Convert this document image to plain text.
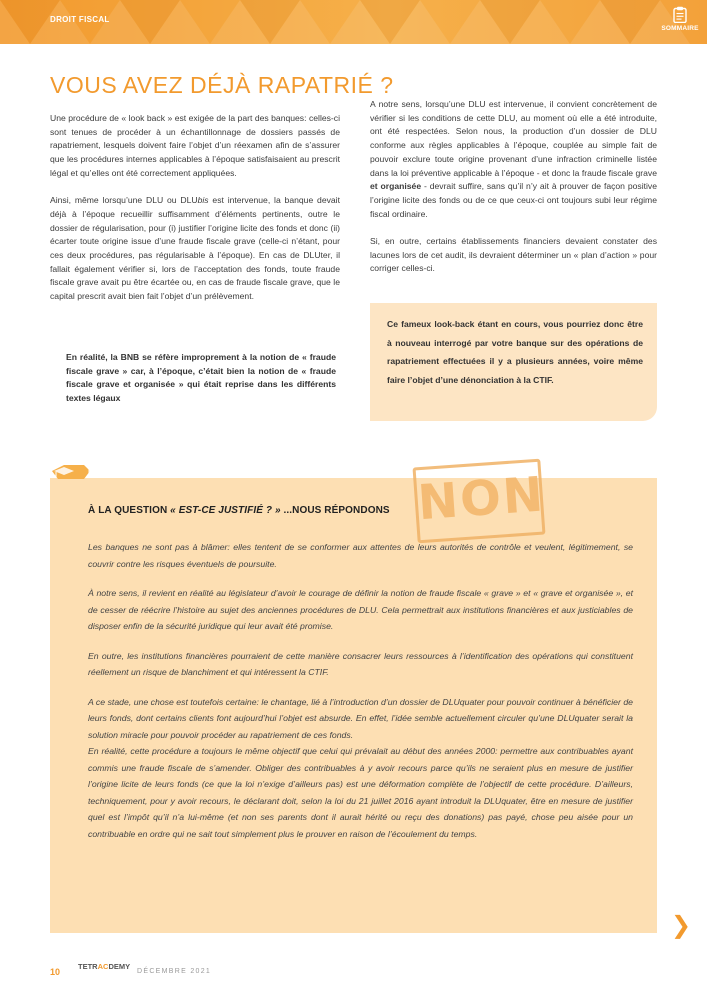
DROIT FISCAL
SOMMAIRE
VOUS AVEZ DÉJÀ RAPATRIÉ ?

Une procédure de « look back » est exigée de la part des banques: celles-ci sont tenues de procéder à un échantillonnage de dossiers passés de rapatriement, lesquels doivent faire l’objet d’un réexamen afin de s’assurer que les procédures internes applicables à l’époque satisfaisaient au prescrit légal et qu’elles ont été correctement appliquées.

Ainsi, même lorsqu’une DLU ou DLUbis est intervenue, la banque devait déjà à l’époque recueillir suffisamment d’éléments pertinents, outre le dossier de régularisation, pour (i) justifier l’origine licite des fonds et donc (ii) écarter toute origine issue d’une fraude fiscale grave (celle-ci n’étant, pour ces deux procédures, pas régularisable à l’époque). En cas de DLUter, il fallait également vérifier si, lors de l’acceptation des fonds, toute fraude fiscale grave avait pu être écartée ou, en cas de fraude fiscale grave, que le capital prescrit avait bien fait l’objet d’un prélèvement.

En réalité, la BNB se réfère improprement à la notion de « fraude fiscale grave » car, à l’époque, c’était bien la notion de « fraude fiscale grave et organisée » qui était reprise dans les différents textes légaux

A notre sens, lorsqu’une DLU est intervenue, il convient concrètement de vérifier si les conditions de cette DLU, au moment où elle a été introduite, ont été respectées. Selon nous, la production d’un dossier de DLU conforme aux règles applicables à l’époque, couplée au simple fait de pouvoir exclure toute origine provenant d’une infraction criminelle listée dans la loi préventive applicable à l’époque - et donc la fraude fiscale grave et organisée - devrait suffire, sans qu’il n’y ait à prouver de façon positive l’origine licite des fonds ou de ce que ceux-ci ont toujours subi leur régime fiscal ordinaire.

Si, en outre, certains établissements financiers devaient constater des lacunes lors de cet audit, ils devraient déterminer un « plan d’action » pour corriger celles-ci.

Ce fameux look-back étant en cours, vous pourriez donc être à nouveau interrogé par votre banque sur des opérations de rapatriement effectuées il y a plusieurs années, voire même faire l’objet d’une dénonciation à la CTIF.
EN CONCLUSION	NON
À LA QUESTION « EST-CE JUSTIFIÉ ? » ...NOUS RÉPONDONS

Les banques ne sont pas à blâmer: elles tentent de se conformer aux attentes de leurs autorités de contrôle et veulent, légitimement, se couvrir contre les risques éventuels de poursuite.

À notre sens, il revient en réalité au législateur d’avoir le courage de définir la notion de fraude fiscale « grave » et « grave et organisée », et de cesser de réécrire l’histoire au sujet des anciennes procédures de DLU. Cela permettrait aux institutions financières et aux justiciables de disposer enfin de la sécurité juridique qui leur avait été promise.

En outre, les institutions financières pourraient de cette manière consacrer leurs ressources à l’identification des opérations qui constituent réellement un risque de blanchiment et qui intéressent la CTIF.

A ce stade, une chose est toutefois certaine: le chantage, lié à l’introduction d’un dossier de DLUquater pour pouvoir continuer à bénéficier de leurs fonds, dont certains clients font aujourd’hui l’objet est absurde. En effet, l’idée semble actuellement circuler qu’une DLUquater serait la solution miracle pour pouvoir procéder au rapatriement de ces fonds.

En réalité, cette procédure a toujours le même objectif que celui qui prévalait au début des années 2000: permettre aux contribuables ayant commis une fraude fiscale de s’amender. Obliger des contribuables à y avoir recours parce qu’ils ne seraient plus en mesure de justifier l’origine licite de leurs fonds (ce que la loi n’exige d’ailleurs pas) est une déformation complète de l’objectif de cette procédure. D’ailleurs, techniquement, pour y avoir recours, le déclarant doit, selon la loi du 21 juillet 2016 ayant introduit la DLUquater, être en mesure de justifier quel est l’impôt qu’il n’a lui-même (et non ses parents dont il aurait hérité ou reçu des donations) pas payé, chose peu aisée pour un contribuable en ordre qui ne sait tout simplement plus le prouver en raison de l’écoulement du temps.

❯
10
TETRACDEMY
DÉCEMBRE 2021
